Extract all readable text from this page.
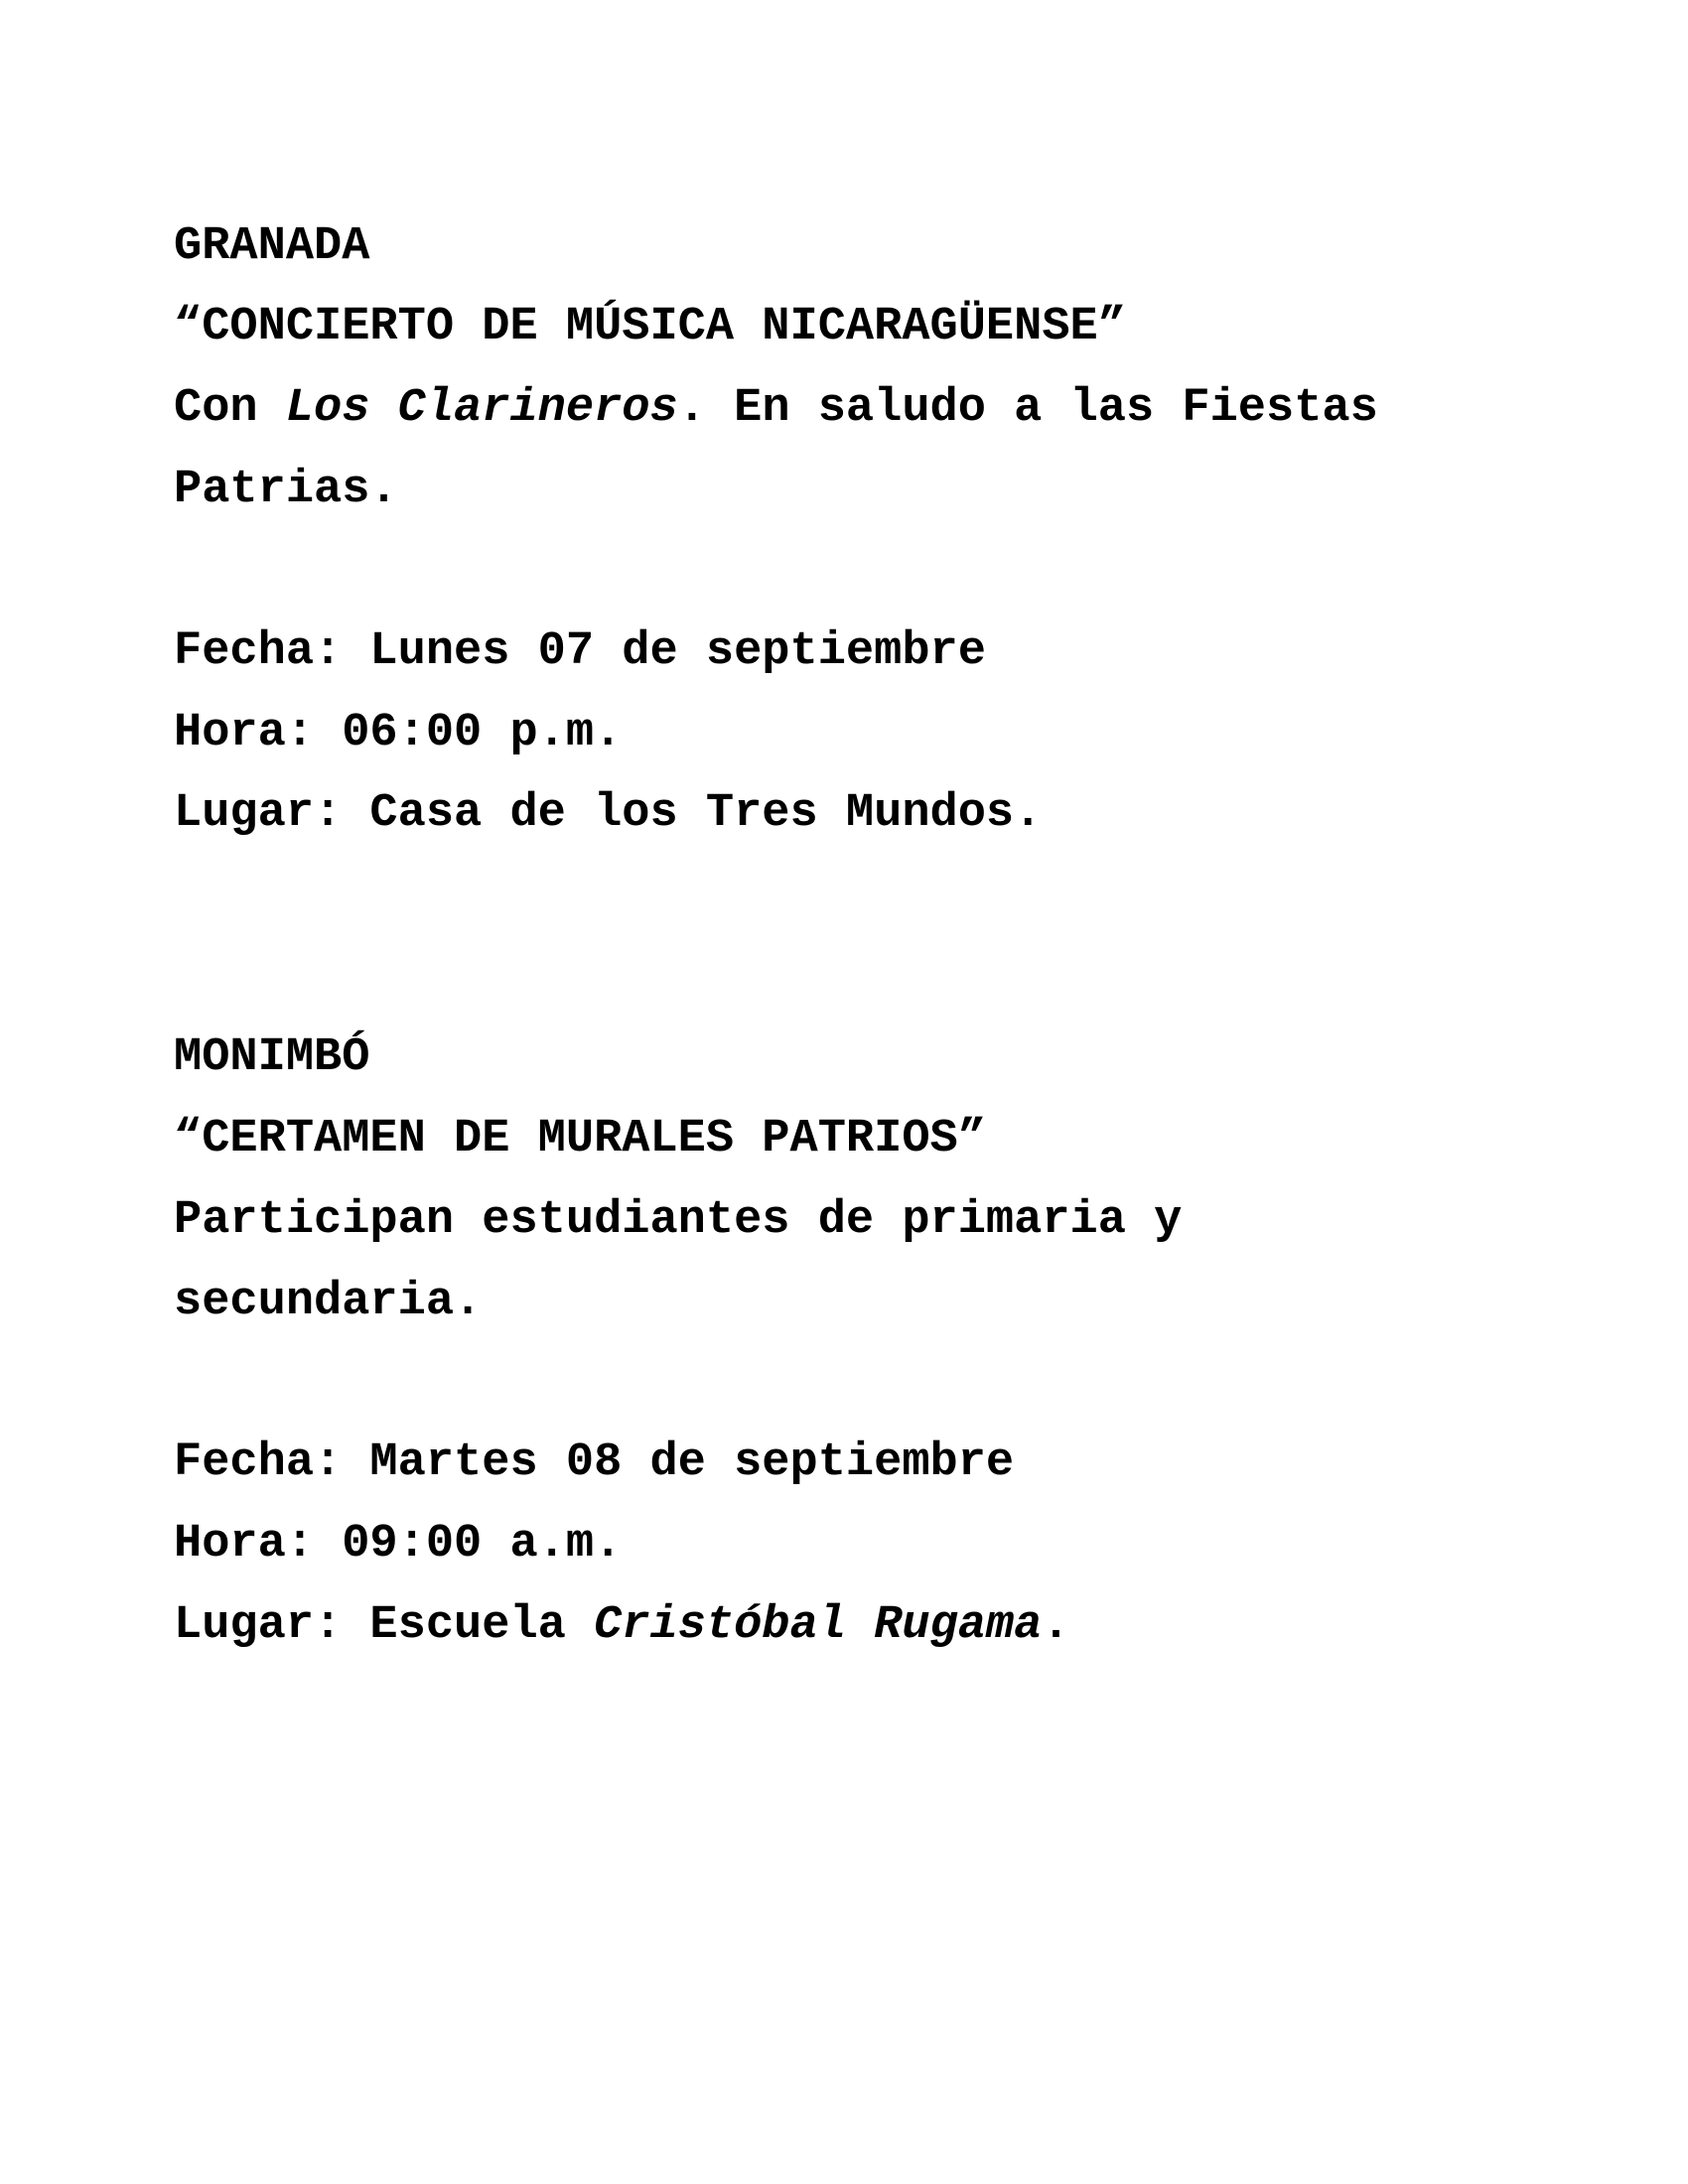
GRANADA

“CONCIERTO DE MÚSICA NICARAGÜENSE”

Con Los Clarineros. En saludo a las Fiestas

Patrias.

Fecha: Lunes 07 de septiembre

Hora: 06:00 p.m.

Lugar: Casa de los Tres Mundos.

MONIMBÓ

“CERTAMEN DE MURALES PATRIOS”

Participan estudiantes de primaria y

secundaria.

Fecha: Martes 08 de septiembre

Hora: 09:00 a.m.

Lugar: Escuela Cristóbal Rugama.
